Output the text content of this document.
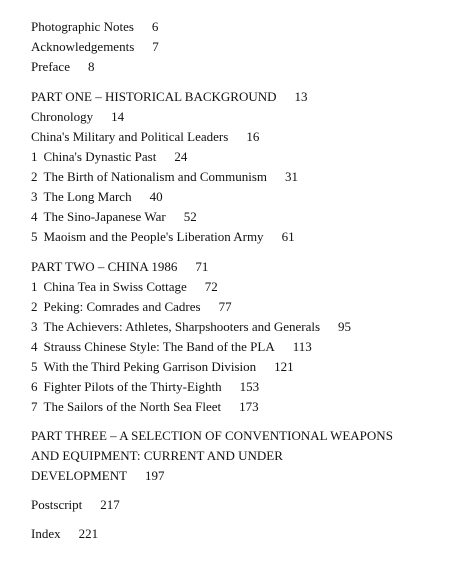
Photographic Notes 6
Acknowledgements 7
Preface 8
PART ONE – HISTORICAL BACKGROUND 13
Chronology 14
China's Military and Political Leaders 16
1 China's Dynastic Past 24
2 The Birth of Nationalism and Communism 31
3 The Long March 40
4 The Sino-Japanese War 52
5 Maoism and the People's Liberation Army 61
PART TWO – CHINA 1986 71
1 China Tea in Swiss Cottage 72
2 Peking: Comrades and Cadres 77
3 The Achievers: Athletes, Sharpshooters and Generals 95
4 Strauss Chinese Style: The Band of the PLA 113
5 With the Third Peking Garrison Division 121
6 Fighter Pilots of the Thirty-Eighth 153
7 The Sailors of the North Sea Fleet 173
PART THREE – A SELECTION OF CONVENTIONAL WEAPONS
AND EQUIPMENT: CURRENT AND UNDER
DEVELOPMENT 197
Postscript 217
Index 221
